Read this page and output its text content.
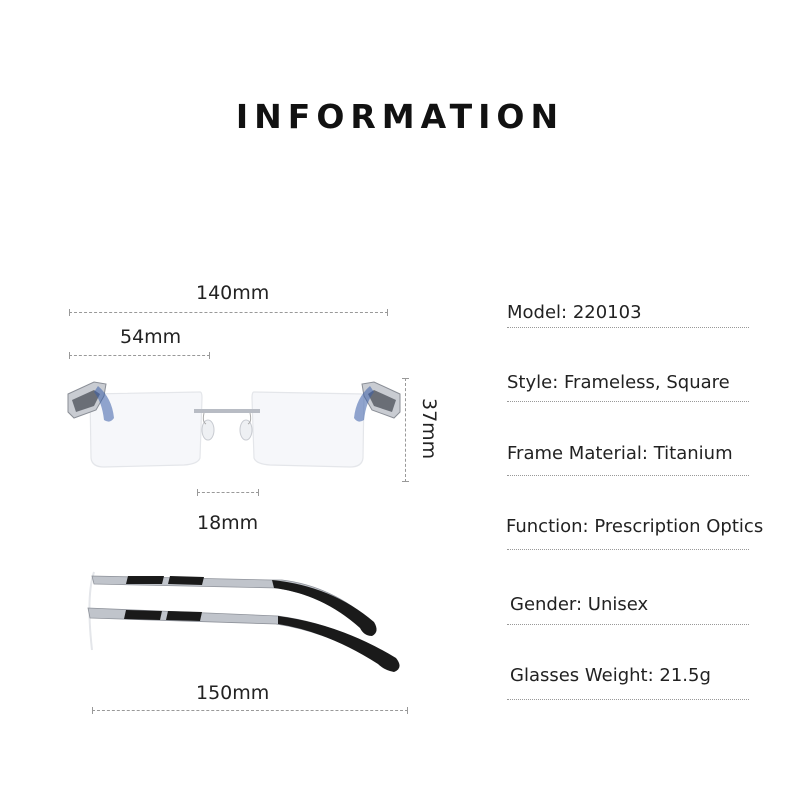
INFORMATION
140mm
54mm
37mm
18mm
150mm
Model: 220103
Style: Frameless, Square
Frame Material: Titanium
Function: Prescription Optics
Gender: Unisex
Glasses Weight: 21.5g
